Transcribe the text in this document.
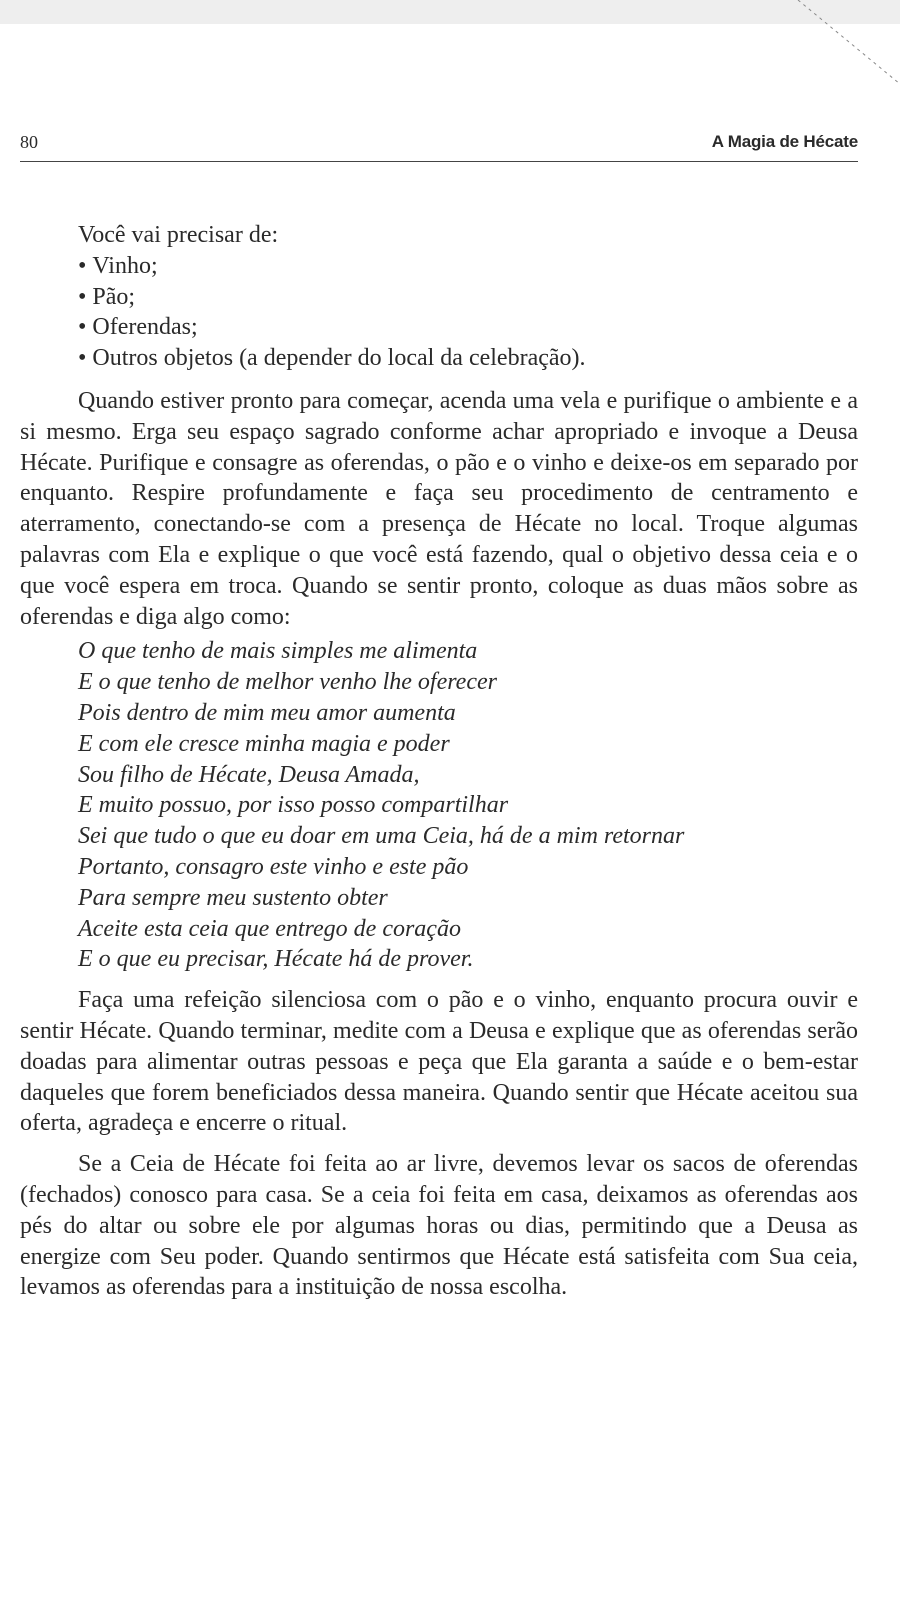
80	A Magia de Hécate

Você vai precisar de:

• Vinho;
• Pão;
• Oferendas;
• Outros objetos (a depender do local da celebração).

Quando estiver pronto para começar, acenda uma vela e purifique o ambiente e a si mesmo. Erga seu espaço sagrado conforme achar apropriado e invoque a Deusa Hécate. Purifique e consagre as oferendas, o pão e o vinho e deixe-os em separado por enquanto. Respire profundamente e faça seu procedimento de centramento e aterramento, conectando-se com a presença de Hécate no local. Troque algumas palavras com Ela e explique o que você está fazendo, qual o objetivo dessa ceia e o que você espera em troca. Quando se sentir pronto, coloque as duas mãos sobre as oferendas e diga algo como:

O que tenho de mais simples me alimenta
E o que tenho de melhor venho lhe oferecer
Pois dentro de mim meu amor aumenta
E com ele cresce minha magia e poder
Sou filho de Hécate, Deusa Amada,
E muito possuo, por isso posso compartilhar
Sei que tudo o que eu doar em uma Ceia, há de a mim retornar
Portanto, consagro este vinho e este pão
Para sempre meu sustento obter
Aceite esta ceia que entrego de coração
E o que eu precisar, Hécate há de prover.

Faça uma refeição silenciosa com o pão e o vinho, enquanto procura ouvir e sentir Hécate. Quando terminar, medite com a Deusa e explique que as oferendas serão doadas para alimentar outras pessoas e peça que Ela garanta a saúde e o bem-estar daqueles que forem beneficiados dessa maneira. Quando sentir que Hécate aceitou sua oferta, agradeça e encerre o ritual.

Se a Ceia de Hécate foi feita ao ar livre, devemos levar os sacos de oferendas (fechados) conosco para casa. Se a ceia foi feita em casa, deixamos as oferendas aos pés do altar ou sobre ele por algumas horas ou dias, permitindo que a Deusa as energize com Seu poder. Quando sentirmos que Hécate está satisfeita com Sua ceia, levamos as oferendas para a instituição de nossa escolha.
